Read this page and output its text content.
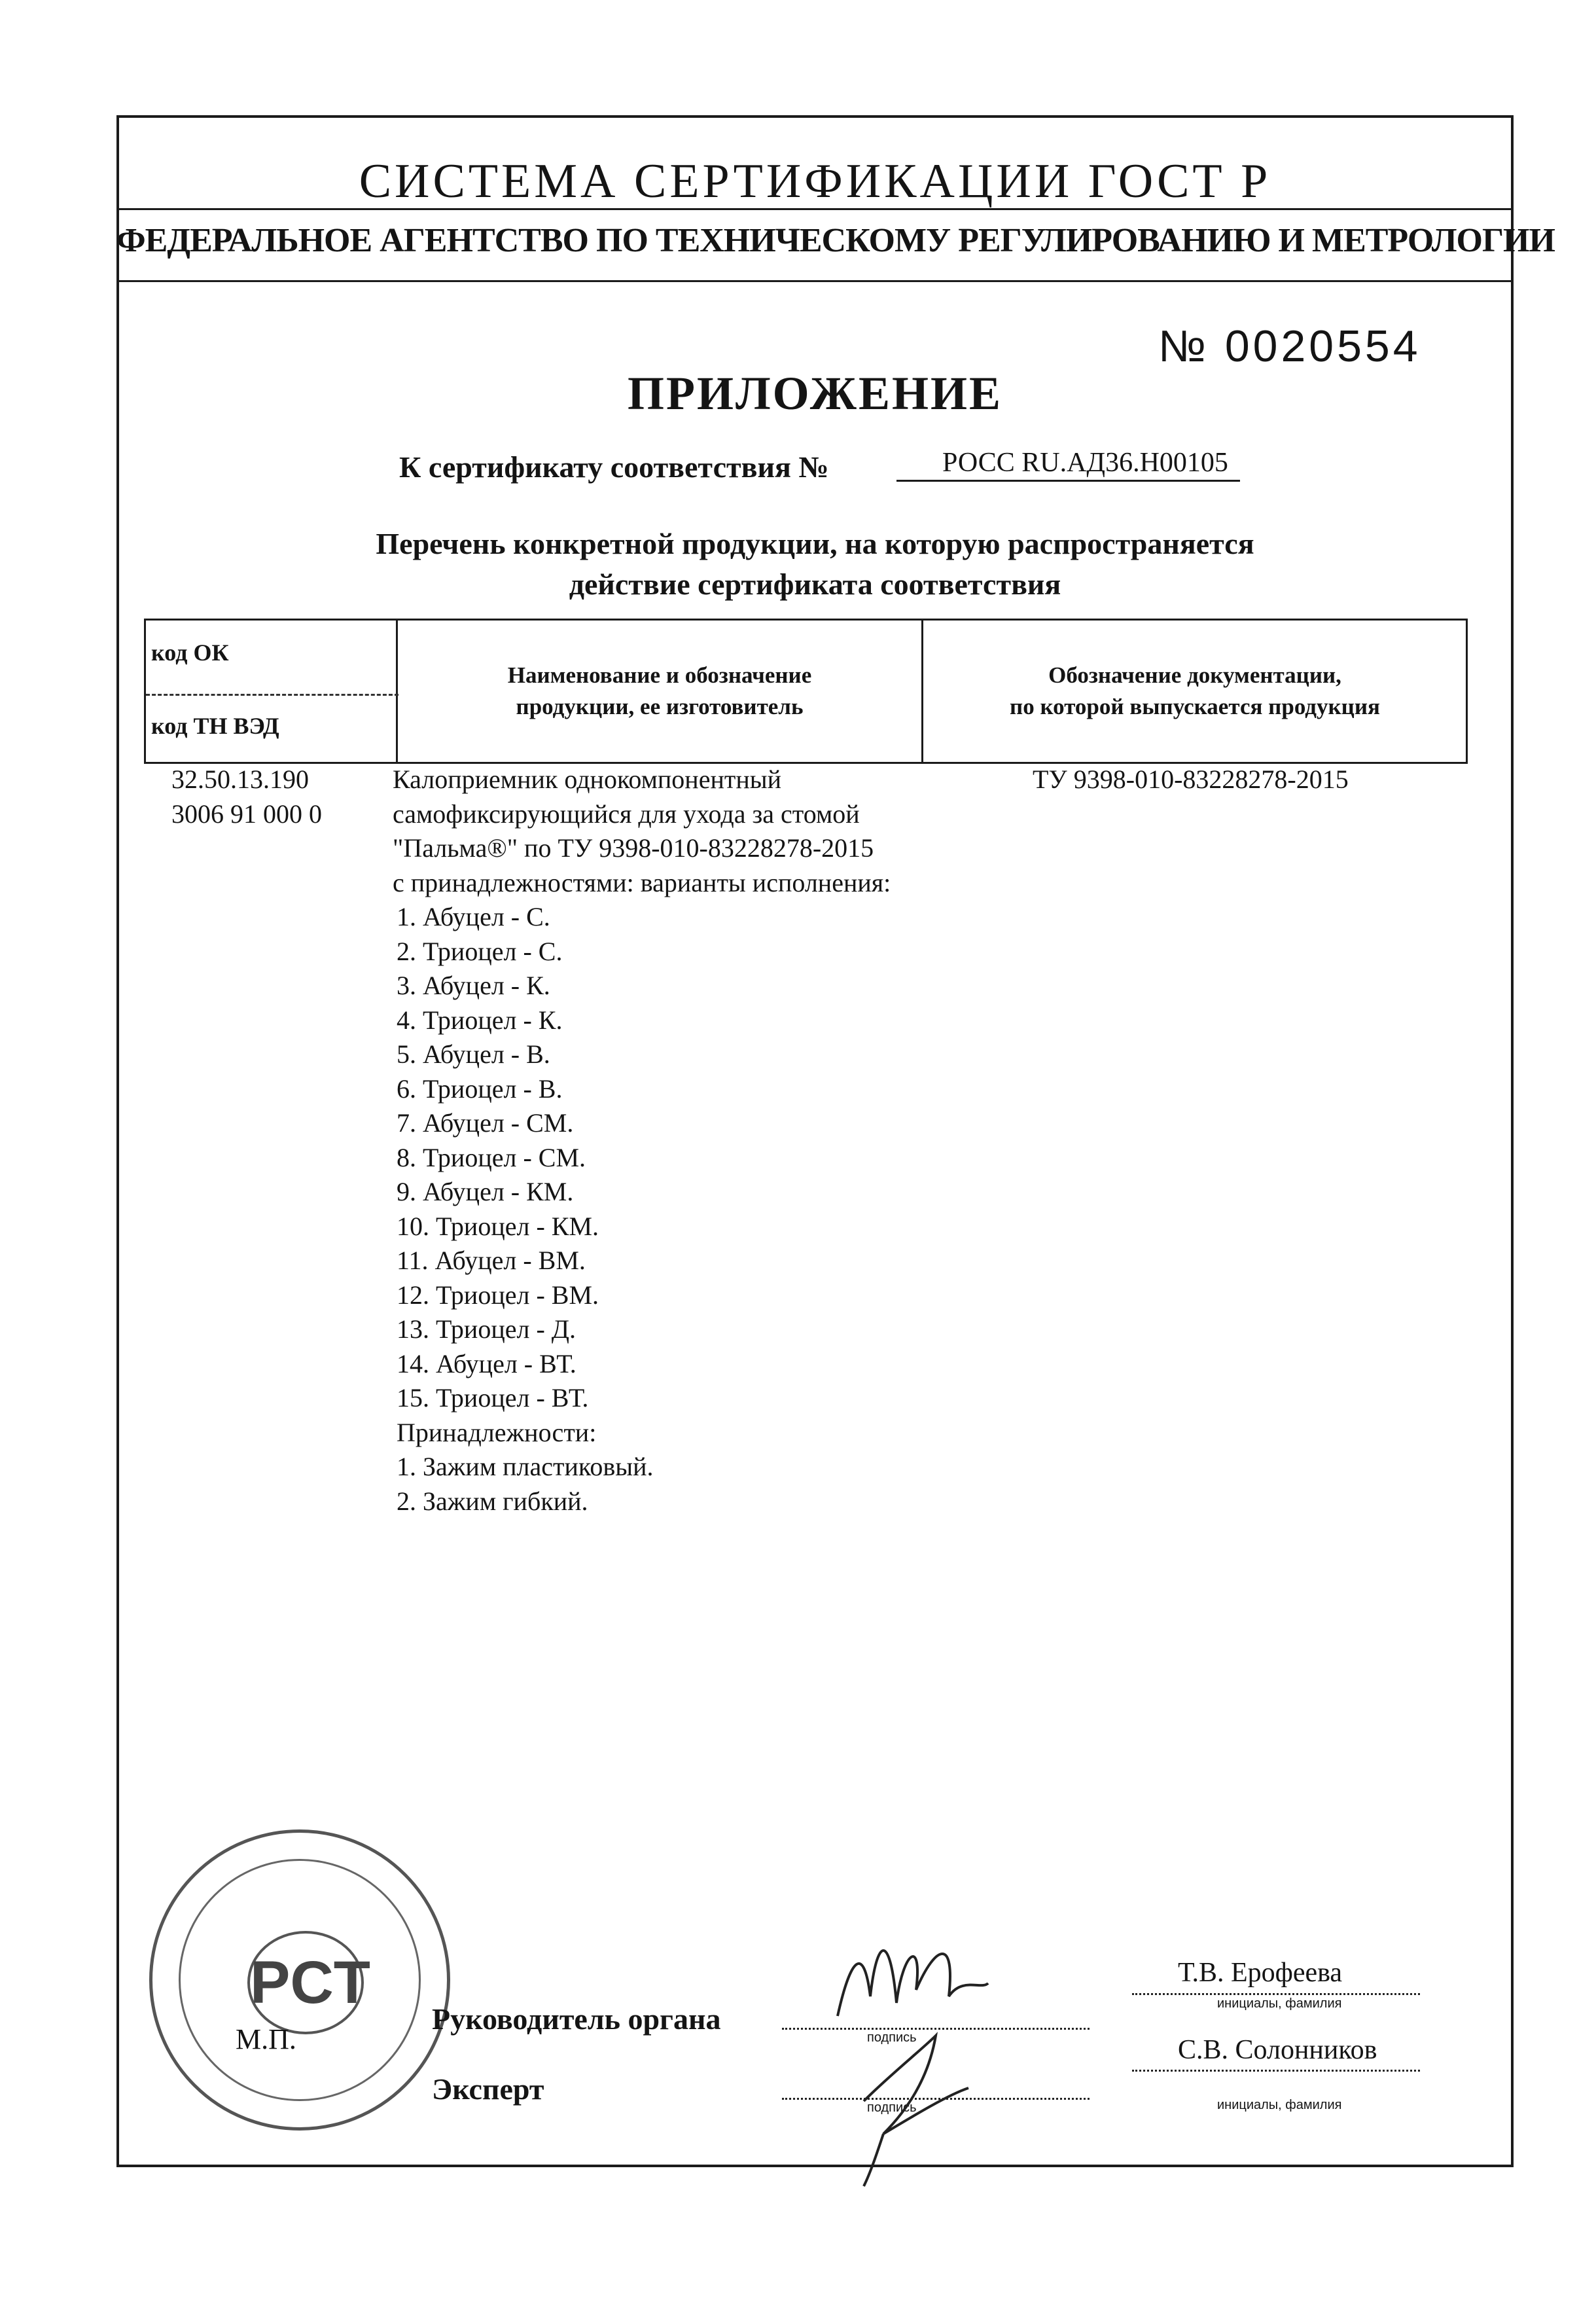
СИСТЕМА СЕРТИФИКАЦИИ ГОСТ Р
ФЕДЕРАЛЬНОЕ АГЕНТСТВО ПО ТЕХНИЧЕСКОМУ РЕГУЛИРОВАНИЮ И МЕТРОЛОГИИ
№ 0020554
ПРИЛОЖЕНИЕ
К сертификату соответствия №	РОСС RU.АД36.Н00105
Перечень конкретной продукции, на которую распространяется
действие сертификата соответствия
код ОК
код ТН ВЭД
Наименование и обозначение
продукции, ее изготовитель
Обозначение документации,
по которой выпускается продукция
32.50.13.190
3006 91 000 0
Калоприемник однокомпонентный
самофиксирующийся для ухода за стомой
"Пальма®" по ТУ 9398-010-83228278-2015
с принадлежностями: варианты исполнения:
1. Абуцел - С.
2. Триоцел - С.
3. Абуцел - К.
4. Триоцел - К.
5. Абуцел - В.
6. Триоцел - В.
7. Абуцел - СМ.
8. Триоцел - СМ.
9. Абуцел - КМ.
10. Триоцел - КМ.
11. Абуцел - ВМ.
12. Триоцел - ВМ.
13. Триоцел - Д.
14. Абуцел - ВТ.
15. Триоцел - ВТ.
Принадлежности:
1. Зажим пластиковый.
2. Зажим гибкий.
ТУ 9398-010-83228278-2015
PCT
М.П.
Руководитель органа
подпись
Т.В. Ерофеева
инициалы, фамилия
Эксперт
подпись
С.В. Солонников
инициалы, фамилия
